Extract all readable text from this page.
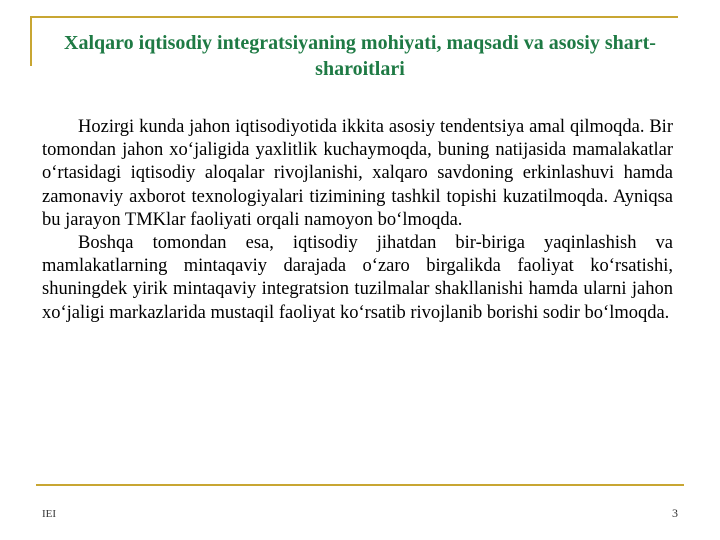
Xalqaro iqtisodiy integratsiyaning mohiyati, maqsadi va asosiy shart-sharoitlari

Hozirgi kunda jahon iqtisodiyotida ikkita asosiy tendentsiya amal qilmoqda. Bir tomondan jahon xo‘jaligida yaxlitlik kuchaymoqda, buning natijasida mamalakatlar o‘rtasidagi iqtisodiy aloqalar rivojlanishi, xalqaro savdoning erkinlashuvi hamda zamonaviy axborot texnologiyalari tizimining tashkil topishi kuzatilmoqda. Ayniqsa bu jarayon TMKlar faoliyati orqali namoyon bo‘lmoqda.

Boshqa tomondan esa, iqtisodiy jihatdan bir-biriga yaqinlashish va mamlakatlarning mintaqaviy darajada o‘zaro birgalikda faoliyat ko‘rsatishi, shuningdek yirik mintaqaviy integratsion tuzilmalar shakllanishi hamda ularni jahon xo‘jaligi markazlarida mustaqil faoliyat ko‘rsatib rivojlanib borishi sodir bo‘lmoqda.

IEI	3
